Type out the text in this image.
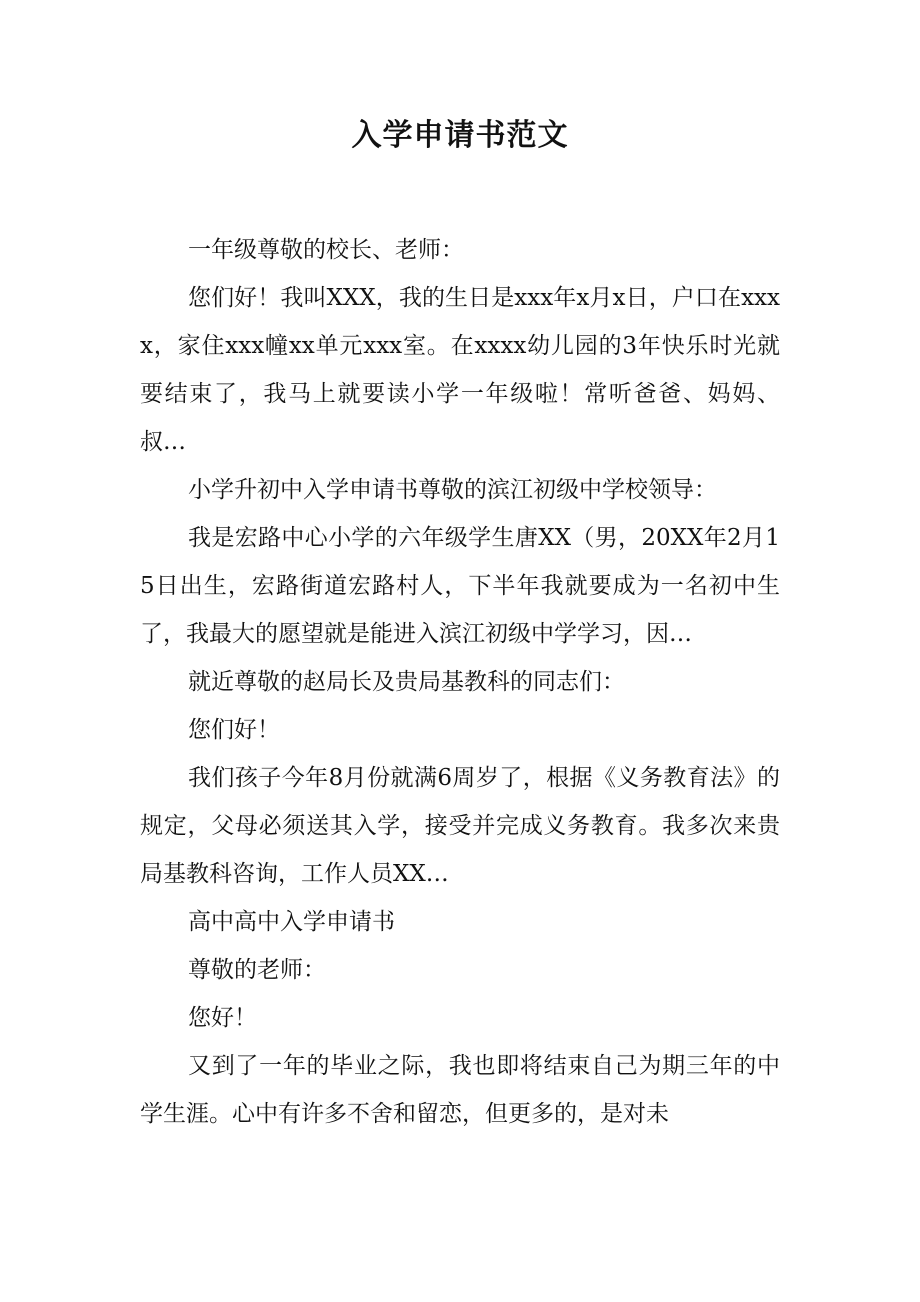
入学申请书范文

一年级尊敬的校长、老师：

您们好！我叫XXX，我的生日是xxx年x月x日，户口在xxxx，家住xxx幢xx单元xxx室。在xxxx幼儿园的3年快乐时光就要结束了，我马上就要读小学一年级啦！常听爸爸、妈妈、叔…

小学升初中入学申请书尊敬的滨江初级中学校领导：

我是宏路中心小学的六年级学生唐XX（男，20XX年2月15日出生，宏路街道宏路村人，下半年我就要成为一名初中生了，我最大的愿望就是能进入滨江初级中学学习，因…

就近尊敬的赵局长及贵局基教科的同志们：

您们好！

我们孩子今年8月份就满6周岁了，根据《义务教育法》的规定，父母必须送其入学，接受并完成义务教育。我多次来贵局基教科咨询，工作人员XX…

高中高中入学申请书

尊敬的老师：

您好！

又到了一年的毕业之际，我也即将结束自己为期三年的中学生涯。心中有许多不舍和留恋，但更多的，是对未
